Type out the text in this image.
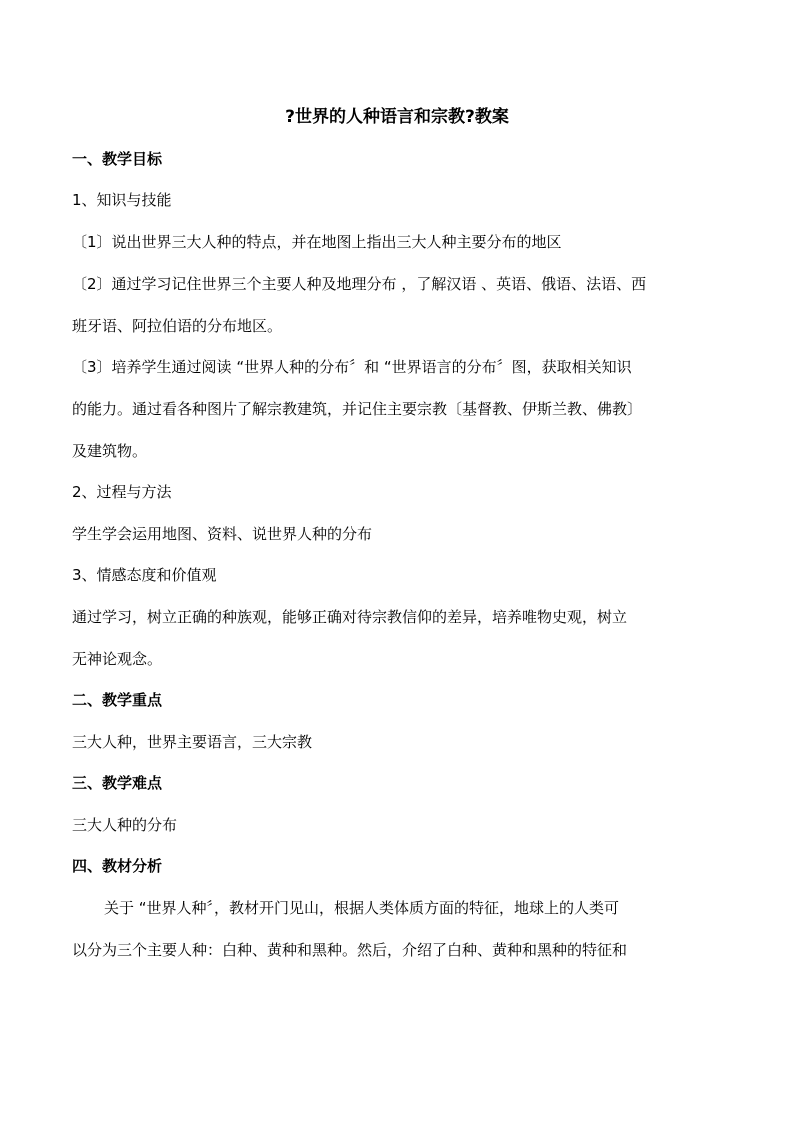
?世界的人种语言和宗教?教案
一、教学目标
1、知识与技能
〔1〕说出世界三大人种的特点，并在地图上指出三大人种主要分布的地区
〔2〕通过学习记住世界三个主要人种及地理分布 ，了解汉语 、英语、俄语、法语、西
班牙语、阿拉伯语的分布地区。
〔3〕培养学生通过阅读 “世界人种的分布〞和 “世界语言的分布〞图，获取相关知识
的能力。通过看各种图片了解宗教建筑，并记住主要宗教〔基督教、伊斯兰教、佛教〕
及建筑物。
2、过程与方法
学生学会运用地图、资料、说世界人种的分布
3、情感态度和价值观
通过学习，树立正确的种族观，能够正确对待宗教信仰的差异，培养唯物史观，树立
无神论观念。
二、教学重点
三大人种，世界主要语言，三大宗教
三、教学难点
三大人种的分布
四、教材分析
关于 “世界人种〞，教材开门见山，根据人类体质方面的特征，地球上的人类可
以分为三个主要人种：白种、黄种和黑种。然后，介绍了白种、黄种和黑种的特征和
